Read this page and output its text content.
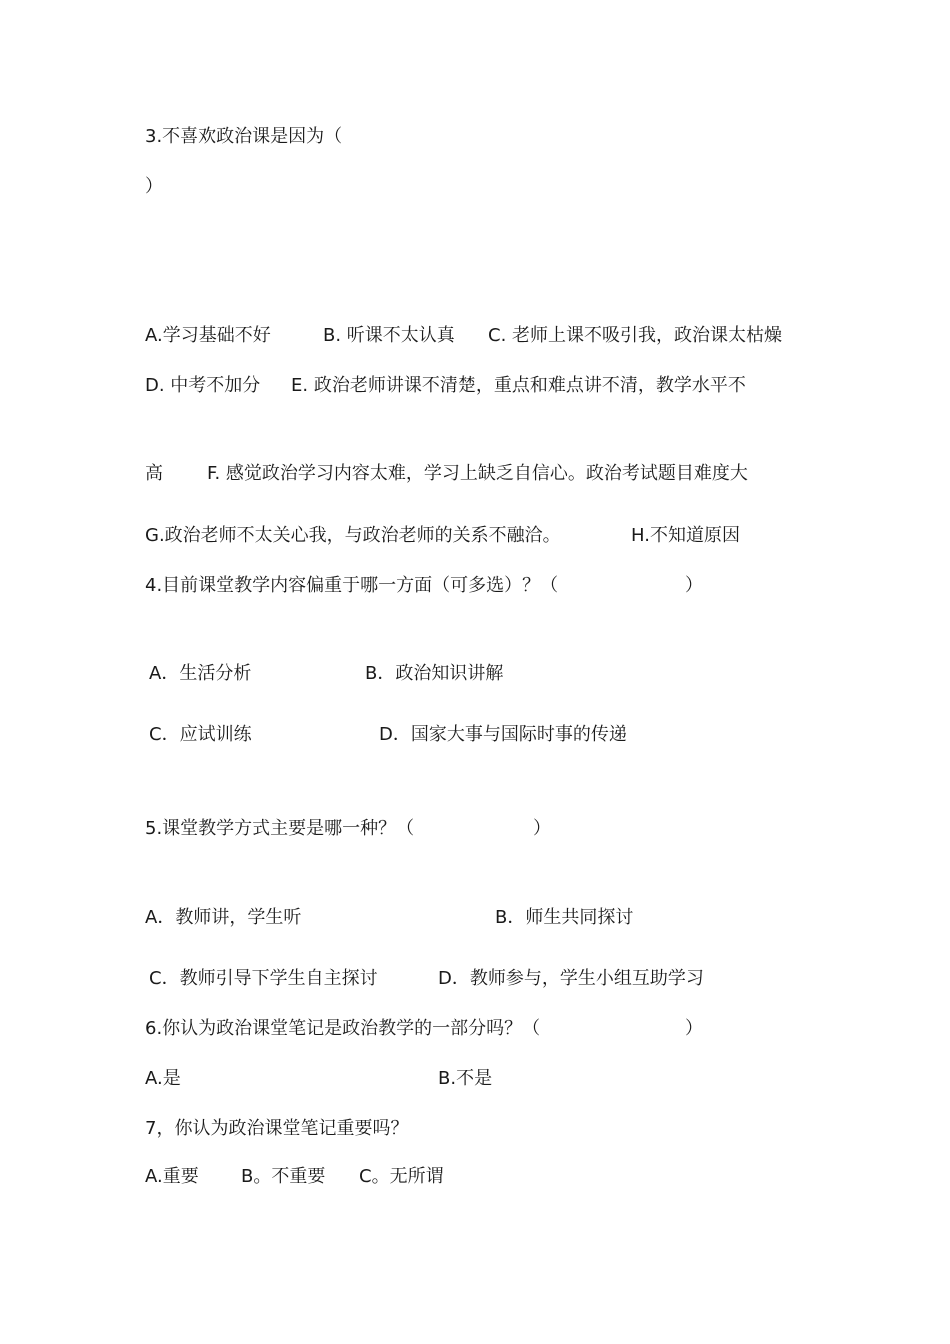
3.不喜欢政治课是因为（

）

A.学习基础不好

	B. 听课不太认真

C. 老师上课不吸引我，政治课太枯燥

D. 中考不加分

E. 政治老师讲课不清楚，重点和难点讲不清，教学水平不

高

F. 感觉政治学习内容太难，学习上缺乏自信心。政治考试题目难度大

G.政治老师不太关心我，与政治老师的关系不融洽。

	H.不知道原因

4.目前课堂教学内容偏重于哪一方面（可多选）？（

	）

A．生活分析

	B．政治知识讲解

C．应试训练

	D．国家大事与国际时事的传递

5.课堂教学方式主要是哪一种？（

	）

A．教师讲，学生听

	B．师生共同探讨

C．教师引导下学生自主探讨

	D．教师参与，学生小组互助学习

6.你认为政治课堂笔记是政治教学的一部分吗？（

	）

A.是

	B.不是

7，你认为政治课堂笔记重要吗？

A.重要

B。不重要

C。无所谓
